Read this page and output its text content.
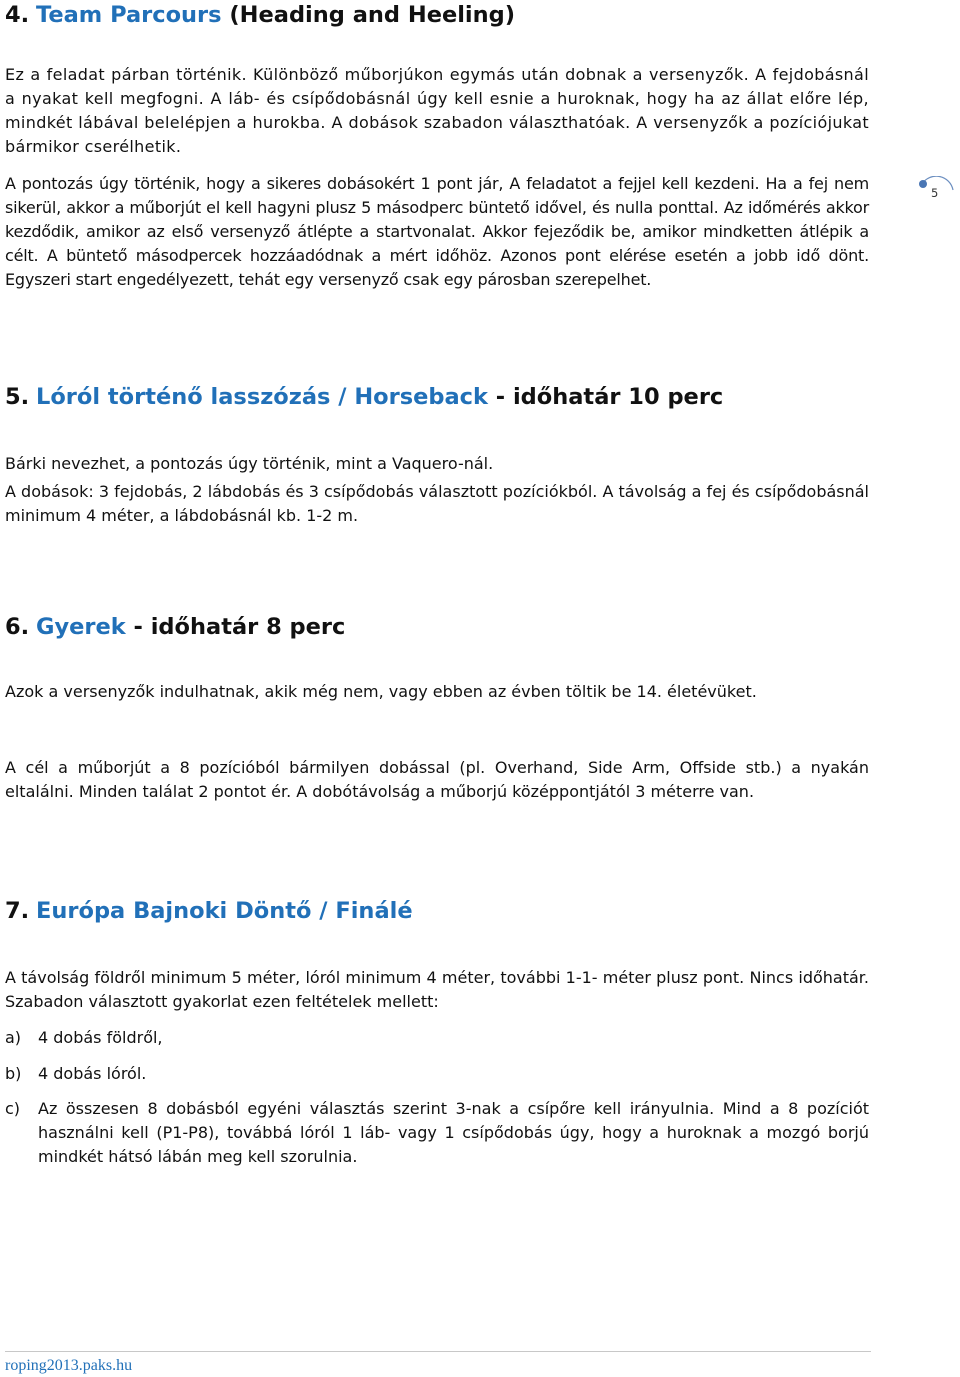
4. Team Parcours (Heading and Heeling)

Ez a feladat párban történik. Különböző műborjúkon egymás után dobnak a versenyzők. A fejdobásnál a nyakat kell megfogni. A láb- és csípődobásnál úgy kell esnie a huroknak, hogy ha az állat előre lép, mindkét lábával belelépjen a hurokba. A dobások szabadon választhatóak. A versenyzők a pozíciójukat bármikor cserélhetik.

A pontozás úgy történik, hogy a sikeres dobásokért 1 pont jár, A feladatot a fejjel kell kezdeni. Ha a fej nem sikerül, akkor a műborjút el kell hagyni plusz 5 másodperc büntető idővel, és nulla ponttal. Az időmérés akkor kezdődik, amikor az első versenyző átlépte a startvonalat. Akkor fejeződik be, amikor mindketten átlépik a célt. A büntető másodpercek hozzáadódnak a mért időhöz. Azonos pont elérése esetén a jobb idő dönt. Egyszeri start engedélyezett, tehát egy versenyző csak egy párosban szerepelhet.

5
5. Lóról történő lasszózás / Horseback - időhatár 10 perc

Bárki nevezhet, a pontozás úgy történik, mint a Vaquero-nál.

A dobások: 3 fejdobás, 2 lábdobás és 3 csípődobás választott pozíciókból. A távolság a fej és csípődobásnál minimum 4 méter, a lábdobásnál kb. 1-2 m.

6. Gyerek - időhatár 8 perc

Azok a versenyzők indulhatnak, akik még nem, vagy ebben az évben töltik be 14. életévüket.

A cél a műborjút a 8 pozícióból bármilyen dobással (pl. Overhand, Side Arm, Offside stb.) a nyakán eltalálni. Minden találat 2 pontot ér. A dobótávolság a műborjú középpontjától 3 méterre van.

7. Európa Bajnoki Döntő / Finálé

A távolság földről minimum 5 méter, lóról minimum 4 méter, további 1-1- méter plusz pont. Nincs időhatár. Szabadon választott gyakorlat ezen feltételek mellett:

a) 4 dobás földről,
b) 4 dobás lóról.
c) Az összesen 8 dobásból egyéni választás szerint 3-nak a csípőre kell irányulnia. Mind a 8 pozíciót használni kell (P1-P8), továbbá lóról 1 láb- vagy 1 csípődobás úgy, hogy a huroknak a mozgó borjú mindkét hátsó lábán meg kell szorulnia.
roping2013.paks.hu
